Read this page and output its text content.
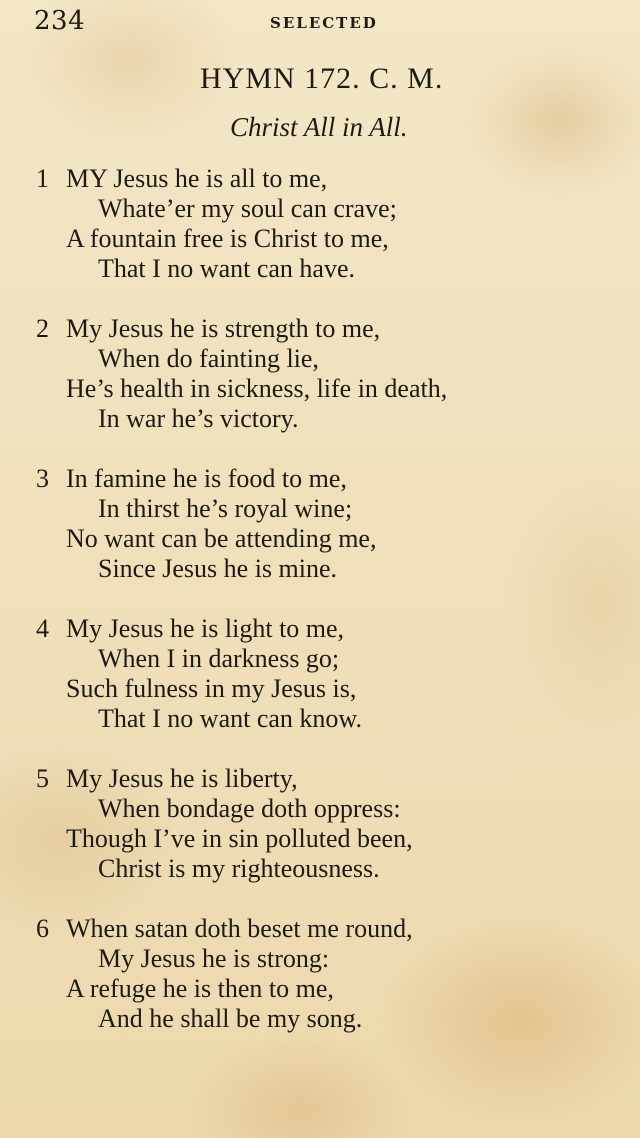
234	SELECTED
HYMN 172. C. M.
Christ All in All.
1 MY Jesus he is all to me,
Whate’er my soul can crave;
A fountain free is Christ to me,
That I no want can have.
2 My Jesus he is strength to me,
When do fainting lie,
He’s health in sickness, life in death,
In war he’s victory.
3 In famine he is food to me,
In thirst he’s royal wine;
No want can be attending me,
Since Jesus he is mine.
4 My Jesus he is light to me,
When I in darkness go;
Such fulness in my Jesus is,
That I no want can know.
5 My Jesus he is liberty,
When bondage doth oppress:
Though I’ve in sin polluted been,
Christ is my righteousness.
6 When satan doth beset me round,
My Jesus he is strong:
A refuge he is then to me,
And he shall be my song.
